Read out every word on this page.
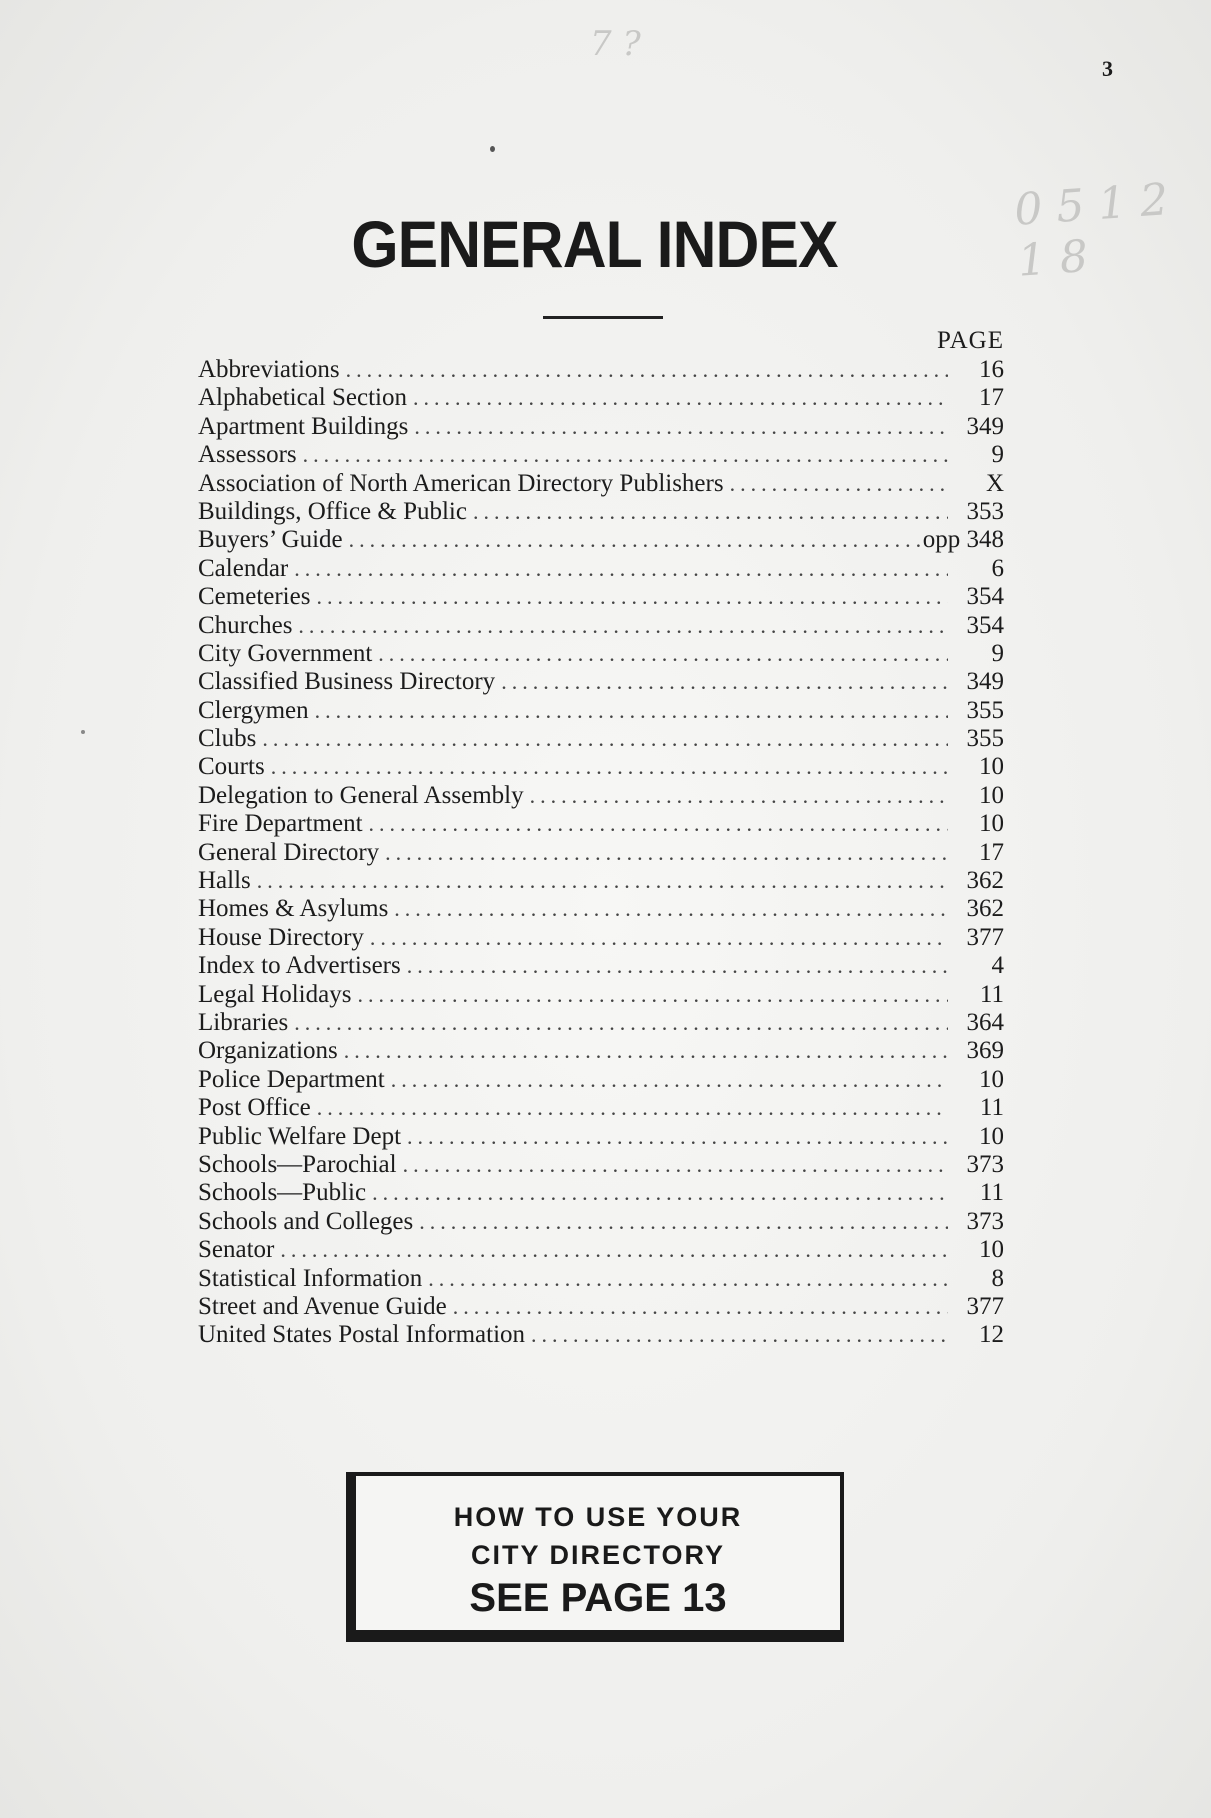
3
7 ?
0 5 1 2 1 8
GENERAL INDEX
PAGE
Abbreviations .....	16
Alphabetical Section .....	17
Apartment Buildings .....	349
Assessors .....	9
Association of North American Directory Publishers .....	X
Buildings, Office & Public .....	353
Buyers’ Guide .....	opp 348
Calendar .....	6
Cemeteries .....	354
Churches .....	354
City Government .....	9
Classified Business Directory .....	349
Clergymen .....	355
Clubs .....	355
Courts .....	10
Delegation to General Assembly .....	10
Fire Department .....	10
General Directory .....	17
Halls .....	362
Homes & Asylums .....	362
House Directory .....	377
Index to Advertisers .....	4
Legal Holidays .....	11
Libraries .....	364
Organizations .....	369
Police Department .....	10
Post Office .....	11
Public Welfare Dept .....	10
Schools—Parochial .....	373
Schools—Public .....	11
Schools and Colleges .....	373
Senator .....	10
Statistical Information .....	8
Street and Avenue Guide .....	377
United States Postal Information .....	12
HOW TO USE YOUR
CITY DIRECTORY
SEE PAGE 13
